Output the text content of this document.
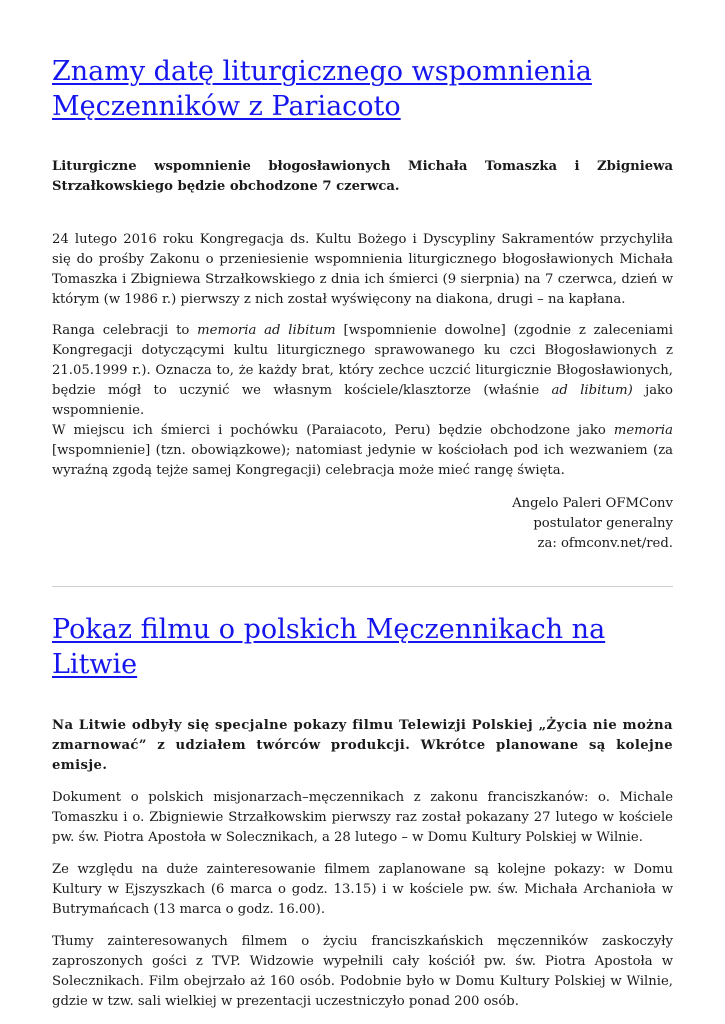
Znamy datę liturgicznego wspomnienia Męczenników z Pariacoto

Liturgiczne wspomnienie błogosławionych Michała Tomaszka i Zbigniewa Strzałkowskiego będzie obchodzone 7 czerwca.

24 lutego 2016 roku Kongregacja ds. Kultu Bożego i Dyscypliny Sakramentów przychyliła się do prośby Zakonu o przeniesienie wspomnienia liturgicznego błogosławionych Michała Tomaszka i Zbigniewa Strzałkowskiego z dnia ich śmierci (9 sierpnia) na 7 czerwca, dzień w którym (w 1986 r.) pierwszy z nich został wyświęcony na diakona, drugi – na kapłana.

Ranga celebracji to memoria ad libitum [wspomnienie dowolne] (zgodnie z zaleceniami Kongregacji dotyczącymi kultu liturgicznego sprawowanego ku czci Błogosławionych z 21.05.1999 r.). Oznacza to, że każdy brat, który zechce uczcić liturgicznie Błogosławionych, będzie mógł to uczynić we własnym kościele/klasztorze (właśnie ad libitum) jako wspomnienie.
W miejscu ich śmierci i pochówku (Paraiacoto, Peru) będzie obchodzone jako memoria [wspomnienie] (tzn. obowiązkowe); natomiast jedynie w kościołach pod ich wezwaniem (za wyraźną zgodą tejże samej Kongregacji) celebracja może mieć rangę święta.

Angelo Paleri OFMConv
postulator generalny
za: ofmconv.net/red.

Pokaz filmu o polskich Męczennikach na Litwie

Na Litwie odbyły się specjalne pokazy filmu Telewizji Polskiej „Życia nie można zmarnować” z udziałem twórców produkcji. Wkrótce planowane są kolejne emisje.

Dokument o polskich misjonarzach–męczennikach z zakonu franciszkanów: o. Michale Tomaszku i o. Zbigniewie Strzałkowskim pierwszy raz został pokazany 27 lutego w kościele pw. św. Piotra Apostoła w Solecznikach, a 28 lutego – w Domu Kultury Polskiej w Wilnie.

Ze względu na duże zainteresowanie filmem zaplanowane są kolejne pokazy: w Domu Kultury w Ejszyszkach (6 marca o godz. 13.15) i w kościele pw. św. Michała Archanioła w Butrymańcach (13 marca o godz. 16.00).

Tłumy zainteresowanych filmem o życiu franciszkańskich męczenników zaskoczyły zaproszonych gości z TVP. Widzowie wypełnili cały kościół pw. św. Piotra Apostoła w Solecznikach. Film obejrzało aż 160 osób. Podobnie było w Domu Kultury Polskiej w Wilnie, gdzie w tzw. sali wielkiej w prezentacji uczestniczyło ponad 200 osób.
